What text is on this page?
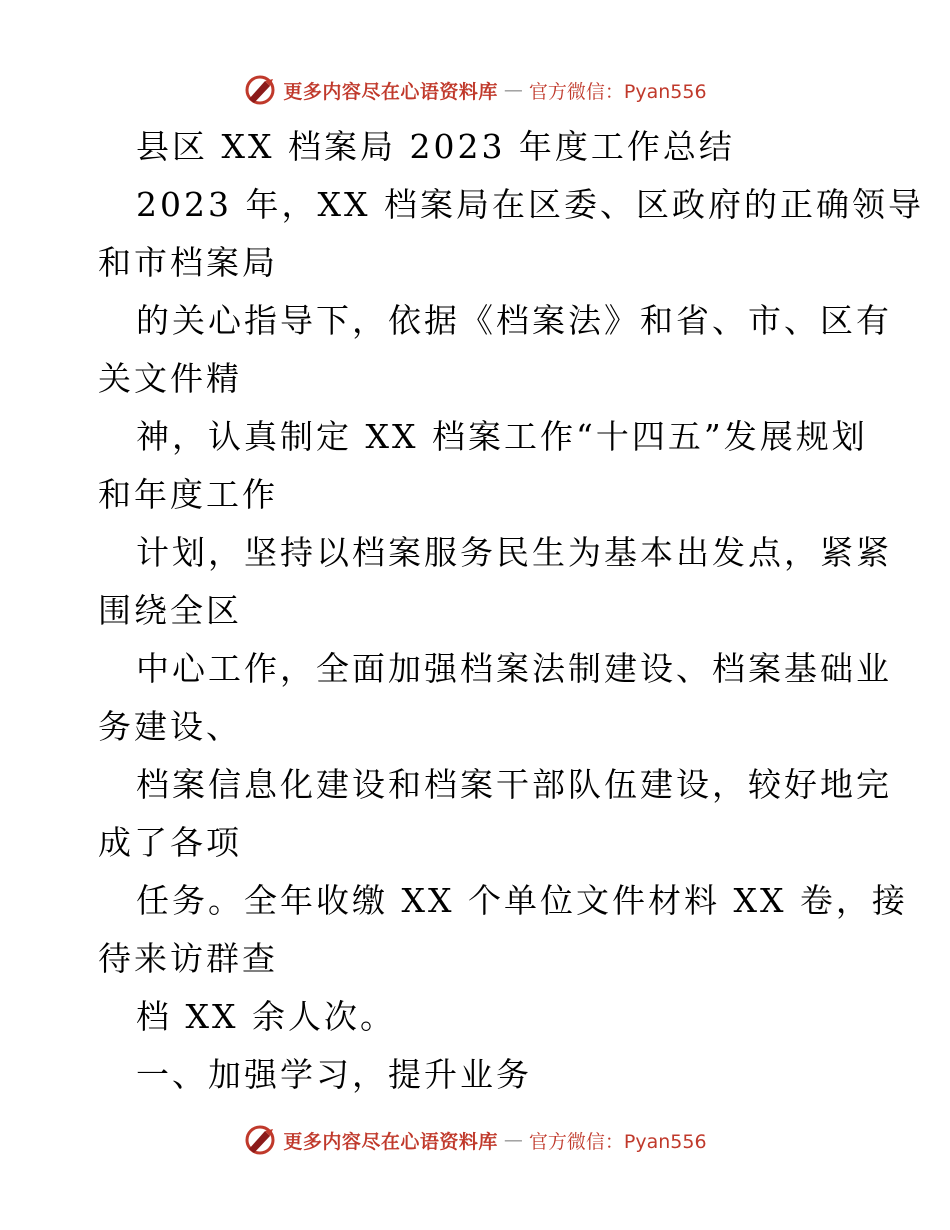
更多内容尽在心语资料库 — 官方微信：Pyan556
县区 XX 档案局 2023 年度工作总结
2023 年，XX 档案局在区委、区政府的正确领导
和市档案局
的关心指导下，依据《档案法》和省、市、区有
关文件精
神，认真制定 XX 档案工作“十四五”发展规划
和年度工作
计划，坚持以档案服务民生为基本出发点，紧紧
围绕全区
中心工作，全面加强档案法制建设、档案基础业
务建设、
档案信息化建设和档案干部队伍建设，较好地完
成了各项
任务。全年收缴 XX 个单位文件材料 XX 卷，接
待来访群查
档 XX 余人次。
一、加强学习，提升业务
更多内容尽在心语资料库 — 官方微信：Pyan556
